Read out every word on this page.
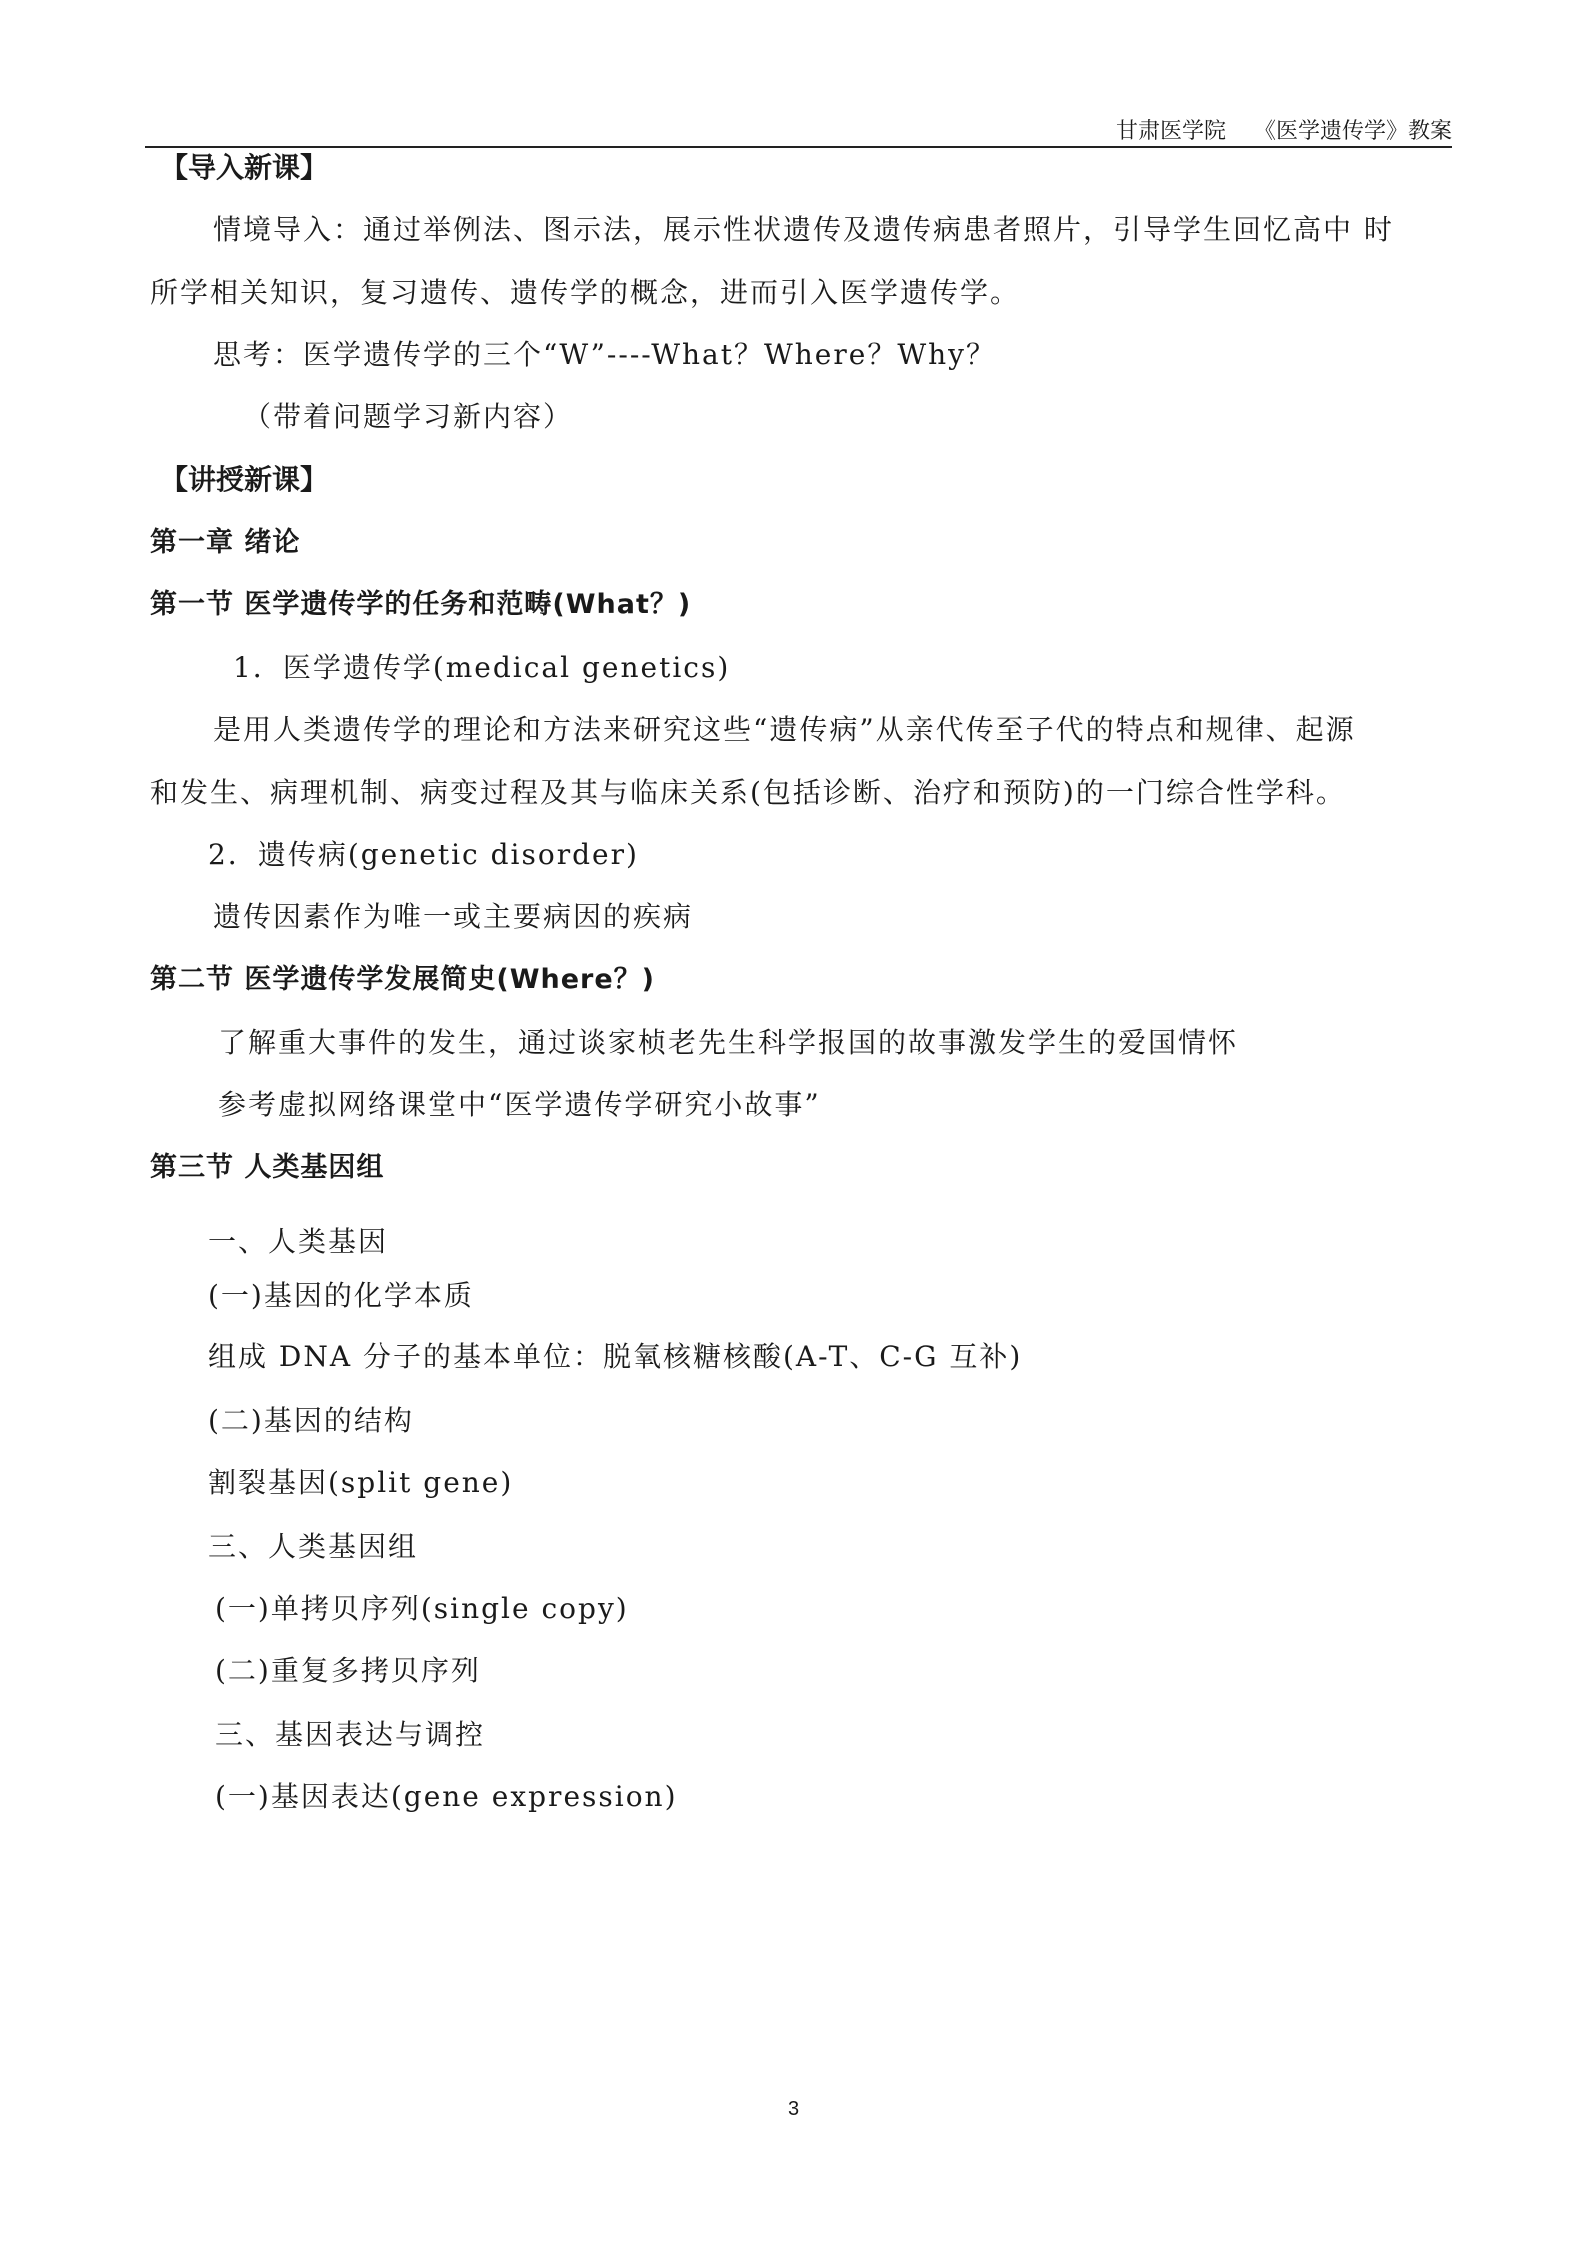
甘肃医学院 《医学遗传学》教案
【导入新课】
情境导入：通过举例法、图示法，展示性状遗传及遗传病患者照片，引导学生回忆高中 时
所学相关知识，复习遗传、遗传学的概念，进而引入医学遗传学。
思考：医学遗传学的三个“W”----What？Where？Why？
（带着问题学习新内容）
【讲授新课】
第一章 绪论
第一节 医学遗传学的任务和范畴(What？)
1．医学遗传学(medical genetics)
是用人类遗传学的理论和方法来研究这些“遗传病”从亲代传至子代的特点和规律、起源
和发生、病理机制、病变过程及其与临床关系(包括诊断、治疗和预防)的一门综合性学科。
2．遗传病(genetic disorder)
遗传因素作为唯一或主要病因的疾病
第二节 医学遗传学发展简史(Where？)
了解重大事件的发生，通过谈家桢老先生科学报国的故事激发学生的爱国情怀
参考虚拟网络课堂中“医学遗传学研究小故事”
第三节 人类基因组
一、人类基因
(一)基因的化学本质
组成 DNA 分子的基本单位：脱氧核糖核酸(A-T、C-G 互补)
(二)基因的结构
割裂基因(split gene)
三、人类基因组
(一)单拷贝序列(single copy)
(二)重复多拷贝序列
三、基因表达与调控
(一)基因表达(gene expression)
3
